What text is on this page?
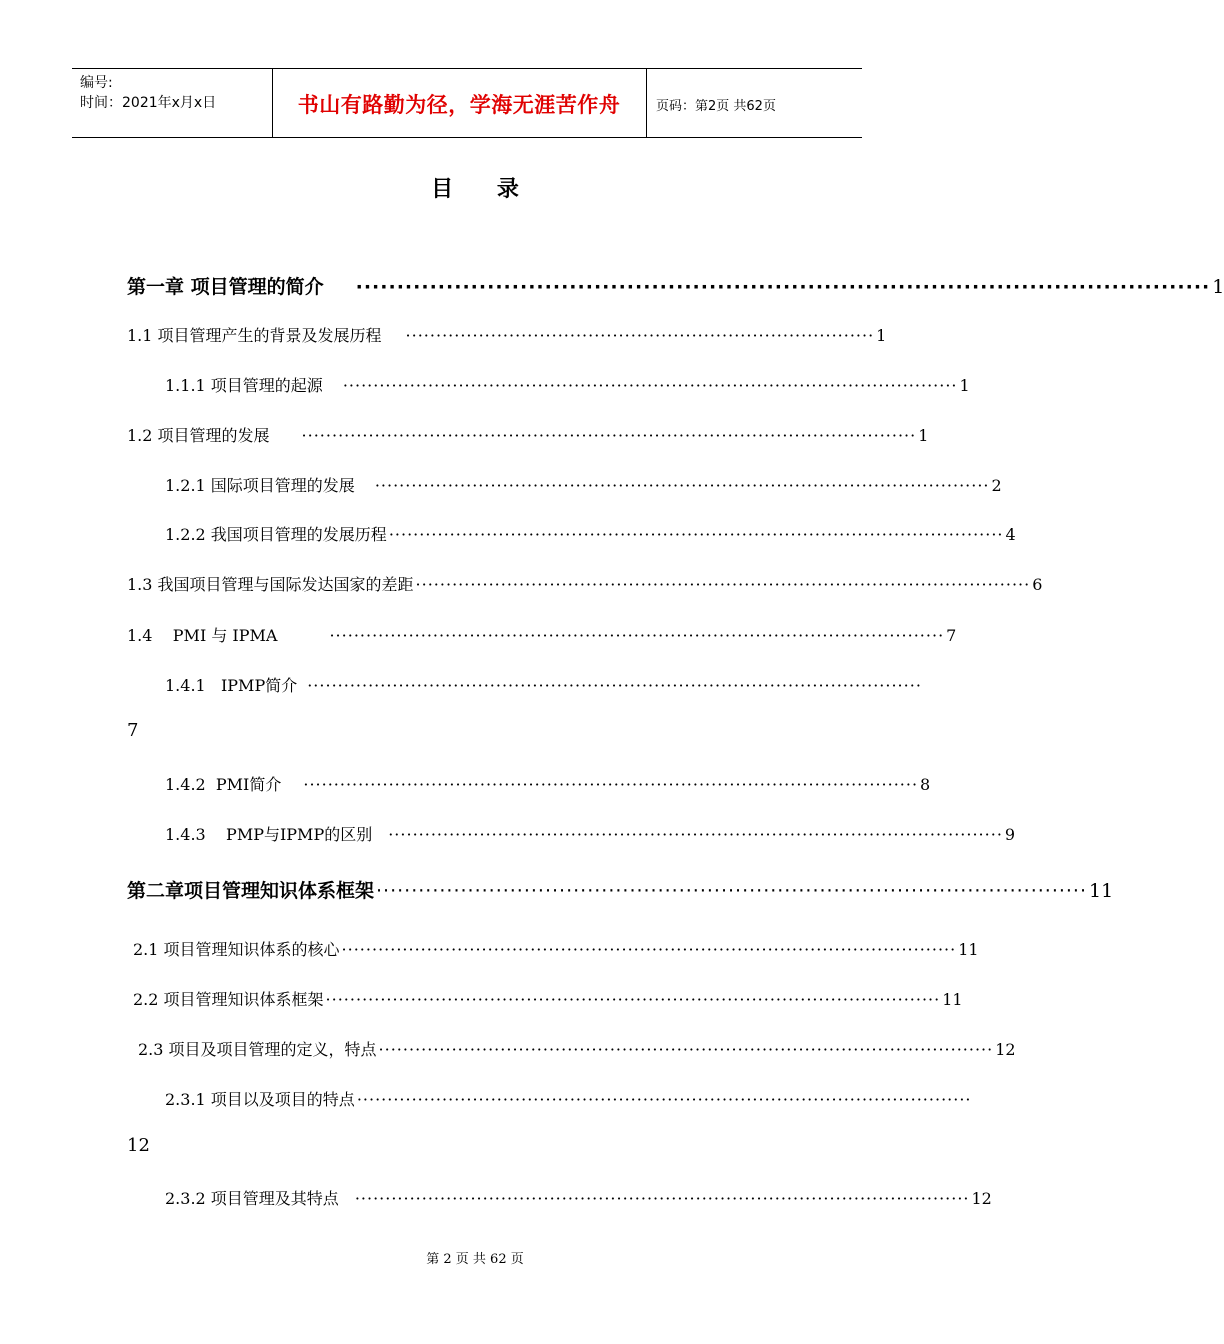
编号:
时间：2021年x月x日	书山有路勤为径，学海无涯苦作舟	页码：第2页 共62页
目 录
第一章 项目管理的简介	········································································································ 1
1.1 项目管理产生的背景及发展历程	············································································· 1
1.1.1 项目管理的起源	····································································································· 1
1.2 项目管理的发展	····································································································· 1
1.2.1 国际项目管理的发展	····································································································· 2
1.2.2 我国项目管理的发展历程 ····································································································· 4
1.3 我国项目管理与国际发达国家的差距 ····································································································· 6
1.4    PMI 与 IPMA	····································································································· 7
1.4.1   IPMP简介 ·····································································································
7
1.4.2  PMI简介	····································································································· 8
1.4.3    PMP与IPMP的区别	····································································································· 9
第二章项目管理知识体系框架 ····································································································· 11
2.1 项目管理知识体系的核心 ····································································································· 11
2.2 项目管理知识体系框架 ····································································································· 11
2.3 项目及项目管理的定义，特点 ····································································································· 12
2.3.1 项目以及项目的特点 ·····································································································
12
2.3.2 项目管理及其特点	····································································································· 12
第 2 页 共 62 页
